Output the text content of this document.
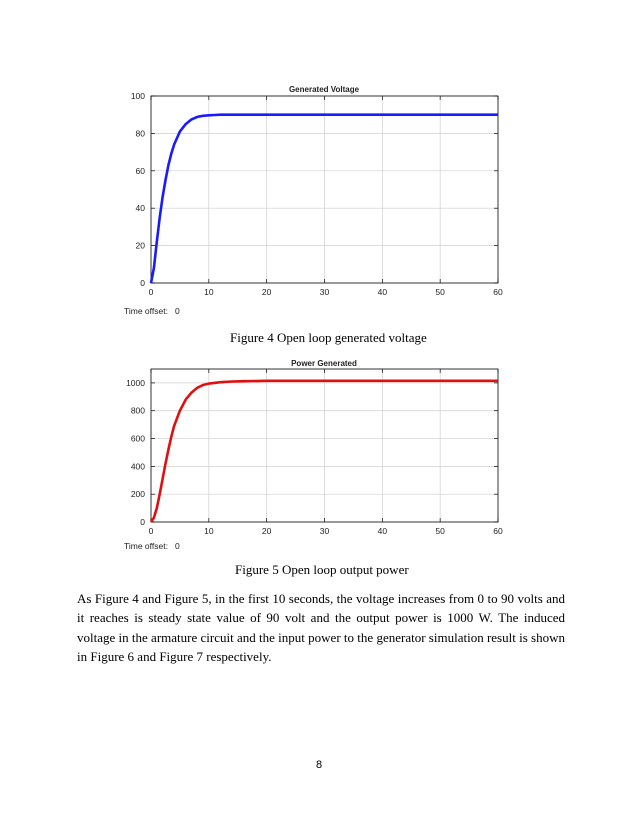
0	10	20	30	40	50	60
0
20
40
60
80
100
Generated Voltage
Time offset: 0
Figure 4 Open loop generated voltage
0	10	20	30	40	50	60
0
200
400
600
800
1000
Power Generated
Time offset: 0
Figure 5 Open loop output power
As Figure 4 and Figure 5, in the first 10 seconds, the voltage increases from 0 to 90 volts and it reaches is steady state value of 90 volt and the output power is 1000 W. The induced voltage in the armature circuit and the input power to the generator simulation result is shown in Figure 6 and Figure 7 respectively.
8
